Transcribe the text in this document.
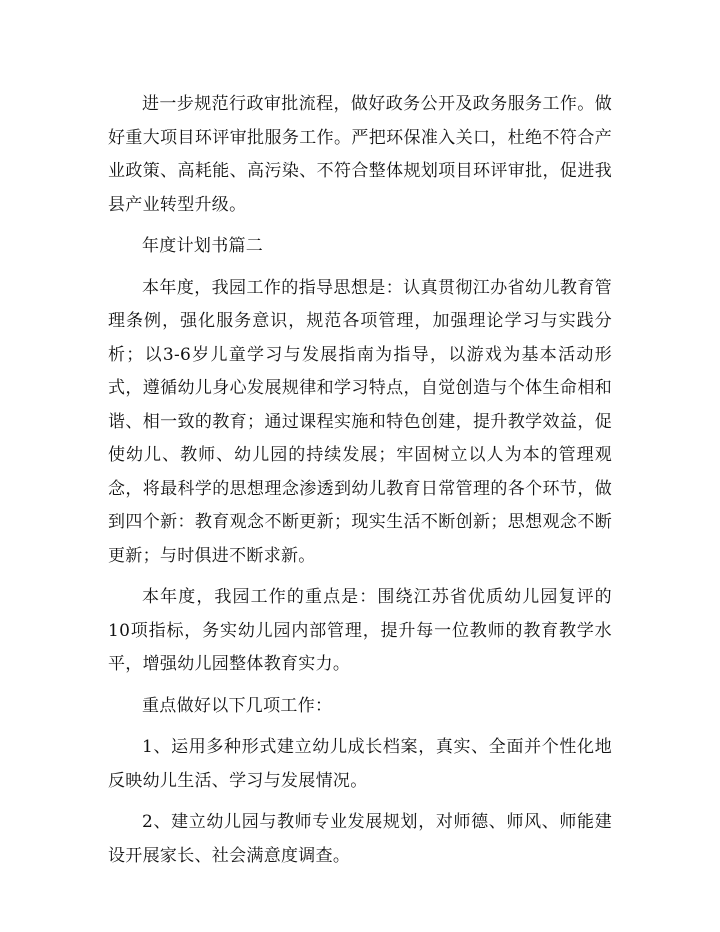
进一步规范行政审批流程，做好政务公开及政务服务工作。做好重大项目环评审批服务工作。严把环保准入关口，杜绝不符合产业政策、高耗能、高污染、不符合整体规划项目环评审批，促进我县产业转型升级。

年度计划书篇二

本年度，我园工作的指导思想是：认真贯彻江办省幼儿教育管理条例，强化服务意识，规范各项管理，加强理论学习与实践分析；以3-6岁儿童学习与发展指南为指导，以游戏为基本活动形式，遵循幼儿身心发展规律和学习特点，自觉创造与个体生命相和谐、相一致的教育；通过课程实施和特色创建，提升教学效益，促使幼儿、教师、幼儿园的持续发展；牢固树立以人为本的管理观念，将最科学的思想理念渗透到幼儿教育日常管理的各个环节，做到四个新：教育观念不断更新；现实生活不断创新；思想观念不断更新；与时俱进不断求新。

本年度，我园工作的重点是：围绕江苏省优质幼儿园复评的10项指标，务实幼儿园内部管理，提升每一位教师的教育教学水平，增强幼儿园整体教育实力。

重点做好以下几项工作：

1、运用多种形式建立幼儿成长档案，真实、全面并个性化地反映幼儿生活、学习与发展情况。

2、建立幼儿园与教师专业发展规划，对师德、师风、师能建设开展家长、社会满意度调查。
